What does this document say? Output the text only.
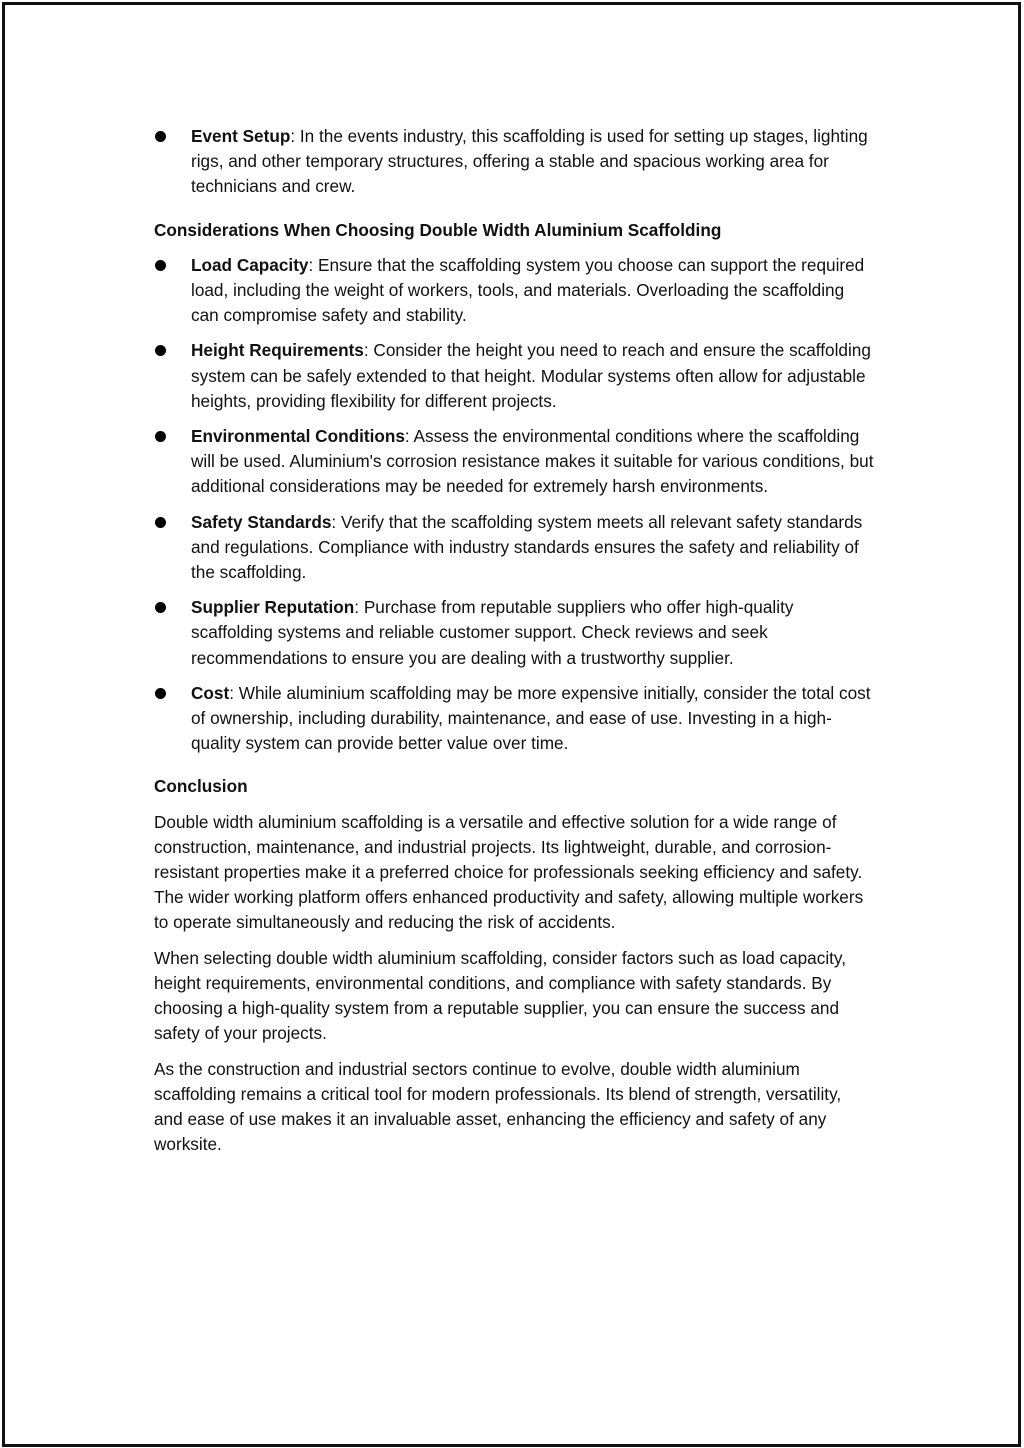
Event Setup: In the events industry, this scaffolding is used for setting up stages, lighting rigs, and other temporary structures, offering a stable and spacious working area for technicians and crew.
Considerations When Choosing Double Width Aluminium Scaffolding
Load Capacity: Ensure that the scaffolding system you choose can support the required load, including the weight of workers, tools, and materials. Overloading the scaffolding can compromise safety and stability.
Height Requirements: Consider the height you need to reach and ensure the scaffolding system can be safely extended to that height. Modular systems often allow for adjustable heights, providing flexibility for different projects.
Environmental Conditions: Assess the environmental conditions where the scaffolding will be used. Aluminium's corrosion resistance makes it suitable for various conditions, but additional considerations may be needed for extremely harsh environments.
Safety Standards: Verify that the scaffolding system meets all relevant safety standards and regulations. Compliance with industry standards ensures the safety and reliability of the scaffolding.
Supplier Reputation: Purchase from reputable suppliers who offer high-quality scaffolding systems and reliable customer support. Check reviews and seek recommendations to ensure you are dealing with a trustworthy supplier.
Cost: While aluminium scaffolding may be more expensive initially, consider the total cost of ownership, including durability, maintenance, and ease of use. Investing in a high-quality system can provide better value over time.
Conclusion

Double width aluminium scaffolding is a versatile and effective solution for a wide range of construction, maintenance, and industrial projects. Its lightweight, durable, and corrosion-resistant properties make it a preferred choice for professionals seeking efficiency and safety. The wider working platform offers enhanced productivity and safety, allowing multiple workers to operate simultaneously and reducing the risk of accidents.

When selecting double width aluminium scaffolding, consider factors such as load capacity, height requirements, environmental conditions, and compliance with safety standards. By choosing a high-quality system from a reputable supplier, you can ensure the success and safety of your projects.

As the construction and industrial sectors continue to evolve, double width aluminium scaffolding remains a critical tool for modern professionals. Its blend of strength, versatility, and ease of use makes it an invaluable asset, enhancing the efficiency and safety of any worksite.
